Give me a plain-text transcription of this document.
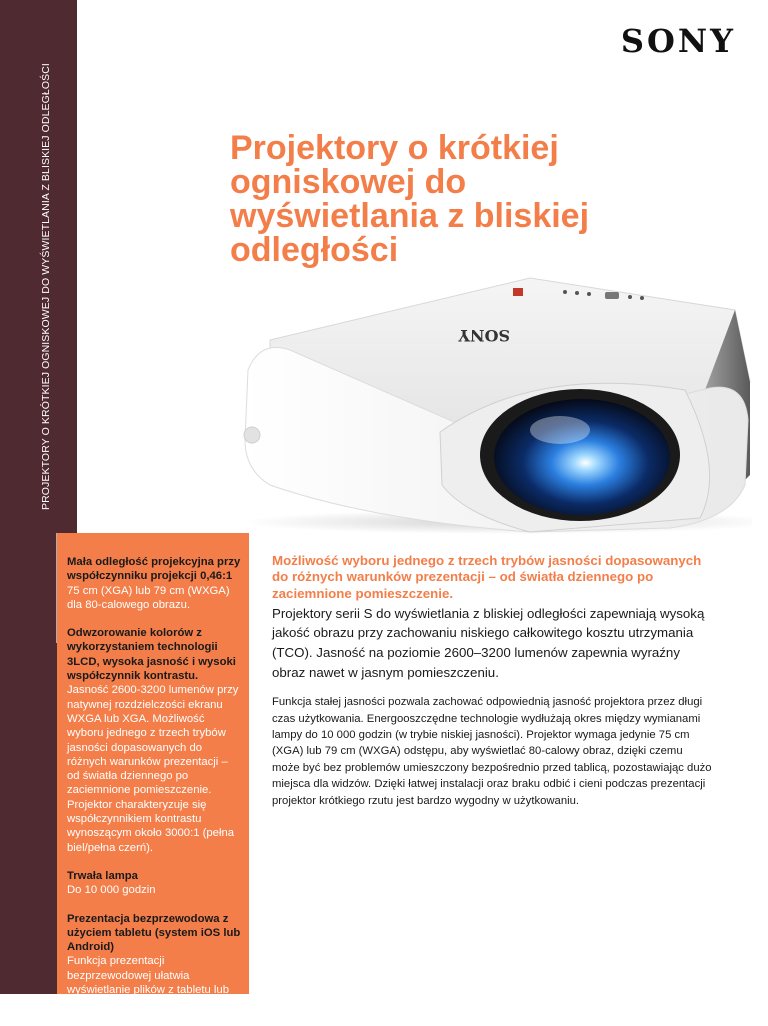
PROJEKTORY O KRÓTKIEJ OGNISKOWEJ DO WYŚWIETLANIA Z BLISKIEJ ODLEGŁOŚCI
SONY
Projektory o krótkiej ogniskowej do wyświetlania z bliskiej odległości
SONY
Mała odległość projekcyjna przy współczynniku projekcji 0,46:1
75 cm (XGA) lub 79 cm (WXGA) dla 80-calowego obrazu.
Odwzorowanie kolorów z wykorzystaniem technologii 3LCD, wysoka jasność i wysoki współczynnik kontrastu.
Jasność 2600-3200 lumenów przy natywnej rozdzielczości ekranu WXGA lub XGA. Możliwość wyboru jednego z trzech trybów jasności dopasowanych do różnych warunków prezentacji – od światła dziennego po zaciemnione pomieszczenie. Projektor charakteryzuje się współczynnikiem kontrastu wynoszącym około 3000:1 (pełna biel/pełna czerń).
Trwała lampa
Do 10 000 godzin
Prezentacja bezprzewodowa z użyciem tabletu (system iOS lub Android)
Funkcja prezentacji bezprzewodowej ułatwia wyświetlanie plików z tabletu lub smartfonu (moduł opcjonalny).
Możliwość wyboru jednego z trzech trybów jasności dopasowanych do różnych warunków prezentacji – od światła dziennego po zaciemnione pomieszczenie.
Projektory serii S do wyświetlania z bliskiej odległości zapewniają wysoką jakość obrazu przy zachowaniu niskiego całkowitego kosztu utrzymania (TCO). Jasność na poziomie 2600–3200 lumenów zapewnia wyraźny obraz nawet w jasnym pomieszczeniu.
Funkcja stałej jasności pozwala zachować odpowiednią jasność projektora przez długi czas użytkowania. Energooszczędne technologie wydłużają okres między wymianami lampy do 10 000 godzin (w trybie niskiej jasności). Projektor wymaga jedynie 75 cm (XGA) lub 79 cm (WXGA) odstępu, aby wyświetlać 80-calowy obraz, dzięki czemu może być bez problemów umieszczony bezpośrednio przed tablicą, pozostawiając dużo miejsca dla widzów. Dzięki łatwej instalacji oraz braku odbić i cieni podczas prezentacji projektor krótkiego rzutu jest bardzo wygodny w użytkowaniu.
